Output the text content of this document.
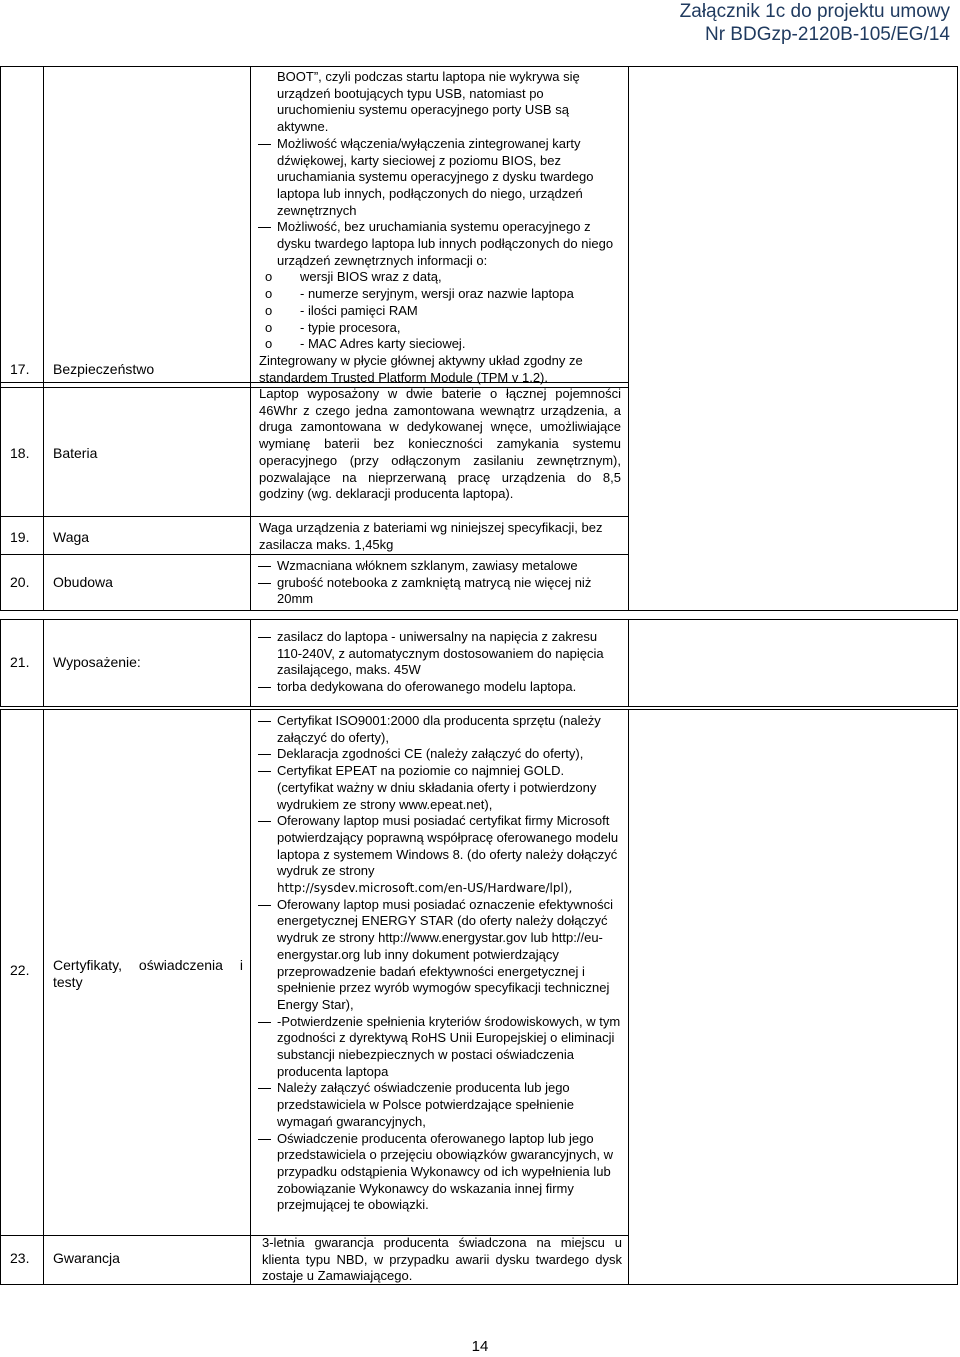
Załącznik 1c do projektu umowy
Nr BDGzp-2120B-105/EG/14

BOOT”, czyli podczas startu laptopa nie wykrywa się urządzeń bootujących typu USB, natomiast po uruchomieniu systemu operacyjnego porty USB są aktywne.

Możliwość włączenia/wyłączenia zintegrowanej karty dźwiękowej, karty sieciowej z poziomu BIOS, bez uruchamiania systemu operacyjnego z dysku twardego laptopa lub innych, podłączonych do niego, urządzeń zewnętrznych

Możliwość, bez uruchamiania systemu operacyjnego z dysku twardego laptopa lub innych podłączonych do niego urządzeń zewnętrznych informacji o:

o wersji BIOS wraz z datą,

o - numerze seryjnym, wersji oraz nazwie laptopa

o - ilości pamięci RAM

o - typie procesora,

o - MAC Adres karty sieciowej.

17. Bezpieczeństwo
Zintegrowany w płycie głównej aktywny układ zgodny ze standardem Trusted Platform Module (TPM v 1.2).
18. Bateria
Laptop wyposażony w dwie baterie o łącznej pojemności 46Whr z czego jedna zamontowana wewnątrz urządzenia, a druga zamontowana w dedykowanej wnęce, umożliwiające wymianę baterii bez konieczności zamykania systemu operacyjnego (przy odłączonym zasilaniu zewnętrznym), pozwalające na nieprzerwaną pracę urządzenia do 8,5 godziny (wg. deklaracji producenta laptopa).
19. Waga
Waga urządzenia z bateriami wg niniejszej specyfikacji, bez zasilacza maks. 1,45kg
20. Obudowa

Wzmacniana włóknem szklanym, zawiasy metalowe

grubość notebooka z zamkniętą matrycą nie więcej niż 20mm

21. Wyposażenie:

zasilacz do laptopa - uniwersalny na napięcia z zakresu 110-240V, z automatycznym dostosowaniem do napięcia zasilającego, maks. 45W

torba dedykowana do oferowanego modelu laptopa.

22. Certyfikaty, oświadczenia i testy

Certyfikat ISO9001:2000 dla producenta sprzętu (należy załączyć do oferty),

Deklaracja zgodności CE (należy załączyć do oferty),

Certyfikat EPEAT na poziomie co najmniej GOLD. (certyfikat ważny w dniu składania oferty i potwierdzony wydrukiem ze strony www.epeat.net),

Oferowany laptop musi posiadać certyfikat firmy Microsoft potwierdzający poprawną współpracę oferowanego modelu laptopa z systemem Windows 8. (do oferty należy dołączyć wydruk ze strony

http://sysdev.microsoft.com/en-US/Hardware/lpl),

Oferowany laptop musi posiadać oznaczenie efektywności energetycznej ENERGY STAR (do oferty należy dołączyć wydruk ze strony http://www.energystar.gov lub http://eu-energystar.org lub inny dokument potwierdzający przeprowadzenie badań efektywności energetycznej i spełnienie przez wyrób wymogów specyfikacji technicznej Energy Star),

-Potwierdzenie spełnienia kryteriów środowiskowych, w tym zgodności z dyrektywą RoHS Unii Europejskiej o eliminacji substancji niebezpiecznych w postaci oświadczenia producenta laptopa

Należy załączyć oświadczenie producenta lub jego przedstawiciela w Polsce potwierdzające spełnienie wymagań gwarancyjnych,

Oświadczenie producenta oferowanego laptop lub jego przedstawiciela o przejęciu obowiązków gwarancyjnych, w przypadku odstąpienia Wykonawcy od ich wypełnienia lub zobowiązanie Wykonawcy do wskazania innej firmy przejmującej te obowiązki.

23. Gwarancja
3-letnia gwarancja producenta świadczona na miejscu u klienta typu NBD, w przypadku awarii dysku twardego dysk zostaje u Zamawiającego.
14
